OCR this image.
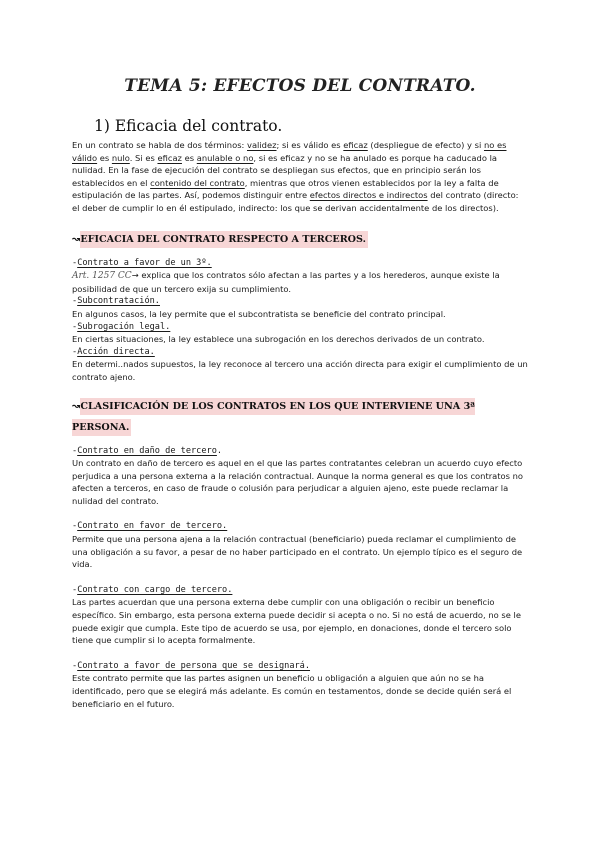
TEMA 5: EFECTOS DEL CONTRATO.
1) Eficacia del contrato.

En un contrato se habla de dos términos: validez; si es válido es eficaz (despliegue de efecto) y si no es válido es nulo. Si es eficaz es anulable o no, si es eficaz y no se ha anulado es porque ha caducado la nulidad. En la fase de ejecución del contrato se despliegan sus efectos, que en principio serán los establecidos en el contenido del contrato, mientras que otros vienen establecidos por la ley a falta de estipulación de las partes. Así, podemos distinguir entre efectos directos e indirectos del contrato (directo: el deber de cumplir lo en él estipulado, indirecto: los que se derivan accidentalmente de los directos).

↝EFICACIA DEL CONTRATO RESPECTO A TERCEROS.
-Contrato a favor de un 3º.

Art. 1257 CC→ explica que los contratos sólo afectan a las partes y a los herederos, aunque existe la posibilidad de que un tercero exija su cumplimiento.

-Subcontratación.

En algunos casos, la ley permite que el subcontratista se beneficie del contrato principal.

-Subrogación legal.

En ciertas situaciones, la ley establece una subrogación en los derechos derivados de un contrato.

-Acción directa.

En determi..nados supuestos, la ley reconoce al tercero una acción directa para exigir el cumplimiento de un contrato ajeno.

↝CLASIFICACIÓN DE LOS CONTRATOS EN LOS QUE INTERVIENE UNA 3ª PERSONA.
-Contrato en daño de tercero.

Un contrato en daño de tercero es aquel en el que las partes contratantes celebran un acuerdo cuyo efecto perjudica a una persona externa a la relación contractual. Aunque la norma general es que los contratos no afecten a terceros, en caso de fraude o colusión para perjudicar a alguien ajeno, este puede reclamar la nulidad del contrato.

-Contrato en favor de tercero.

Permite que una persona ajena a la relación contractual (beneficiario) pueda reclamar el cumplimiento de una obligación a su favor, a pesar de no haber participado en el contrato. Un ejemplo típico es el seguro de vida.

-Contrato con cargo de tercero.

Las partes acuerdan que una persona externa debe cumplir con una obligación o recibir un beneficio específico. Sin embargo, esta persona externa puede decidir si acepta o no. Si no está de acuerdo, no se le puede exigir que cumpla. Este tipo de acuerdo se usa, por ejemplo, en donaciones, donde el tercero solo tiene que cumplir si lo acepta formalmente.

-Contrato a favor de persona que se designará.

Este contrato permite que las partes asignen un beneficio u obligación a alguien que aún no se ha identificado, pero que se elegirá más adelante. Es común en testamentos, donde se decide quién será el beneficiario en el futuro.
